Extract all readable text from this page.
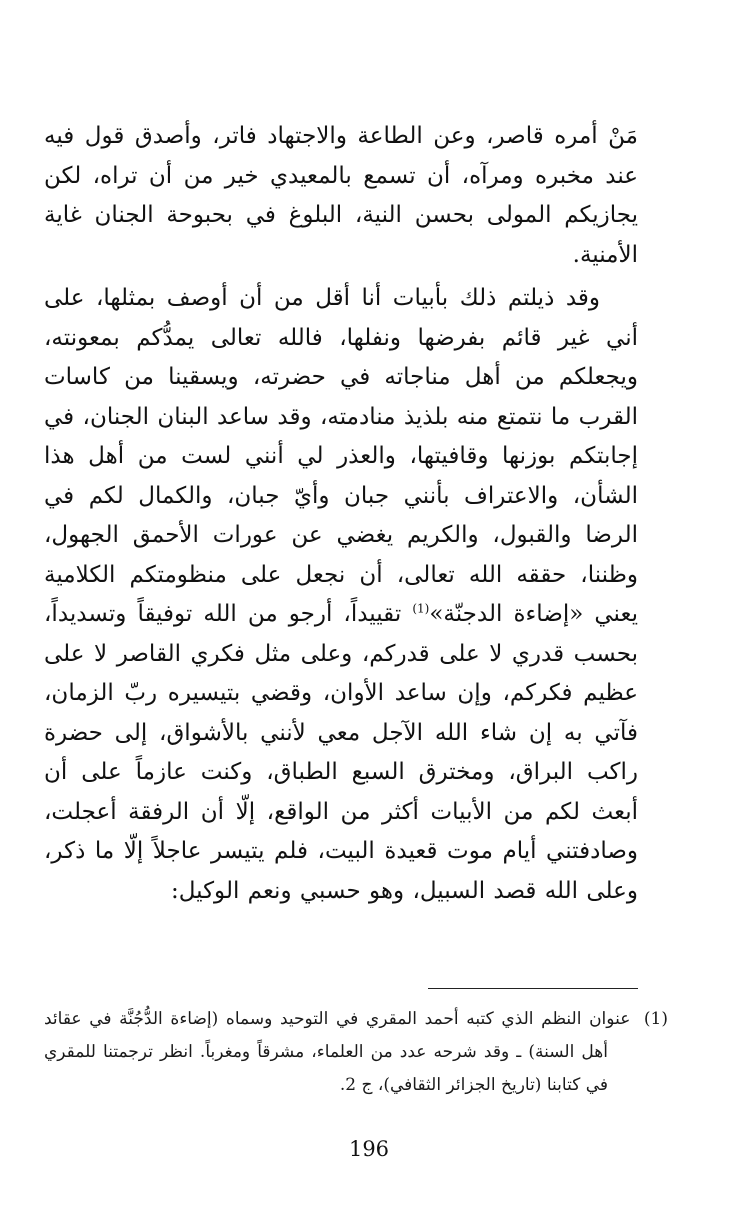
مَنْ أمره قاصر، وعن الطاعة والاجتهاد فاتر، وأصدق قول فيه عند مخبره ومرآه، أن تسمع بالمعيدي خير من أن تراه، لكن يجازيكم المولى بحسن النية، البلوغ في بحبوحة الجنان غاية الأمنية.

وقد ذيلتم ذلك بأبيات أنا أقل من أن أوصف بمثلها، على أني غير قائم بفرضها ونفلها، فالله تعالى يمدُّكم بمعونته، ويجعلكم من أهل مناجاته في حضرته، ويسقينا من كاسات القرب ما نتمتع منه بلذيذ منادمته، وقد ساعد البنان الجنان، في إجابتكم بوزنها وقافيتها، والعذر لي أنني لست من أهل هذا الشأن، والاعتراف بأنني جبان وأيّ جبان، والكمال لكم في الرضا والقبول، والكريم يغضي عن عورات الأحمق الجهول، وظننا، حققه الله تعالى، أن نجعل على منظومتكم الكلامية يعني «إضاءة الدجنّة»$^{(1)}$ تقييداً، أرجو من الله توفيقاً وتسديداً، بحسب قدري لا على قدركم، وعلى مثل فكري القاصر لا على عظيم فكركم، وإن ساعد الأوان، وقضي بتيسيره ربّ الزمان، فآتي به إن شاء الله الآجل معي لأنني بالأشواق، إلى حضرة راكب البراق، ومخترق السبع الطباق، وكنت عازماً على أن أبعث لكم من الأبيات أكثر من الواقع، إلّا أن الرفقة أعجلت، وصادفتني أيام موت قعيدة البيت، فلم يتيسر عاجلاً إلّا ما ذكر، وعلى الله قصد السبيل، وهو حسبي ونعم الوكيل:

(1) عنوان النظم الذي كتبه أحمد المقري في التوحيد وسماه (إضاءة الدُّجُنَّة في عقائد أهل السنة) ـ وقد شرحه عدد من العلماء، مشرقاً ومغرباً. انظر ترجمتنا للمقري في كتابنا (تاريخ الجزائر الثقافي)، ج 2.
196
